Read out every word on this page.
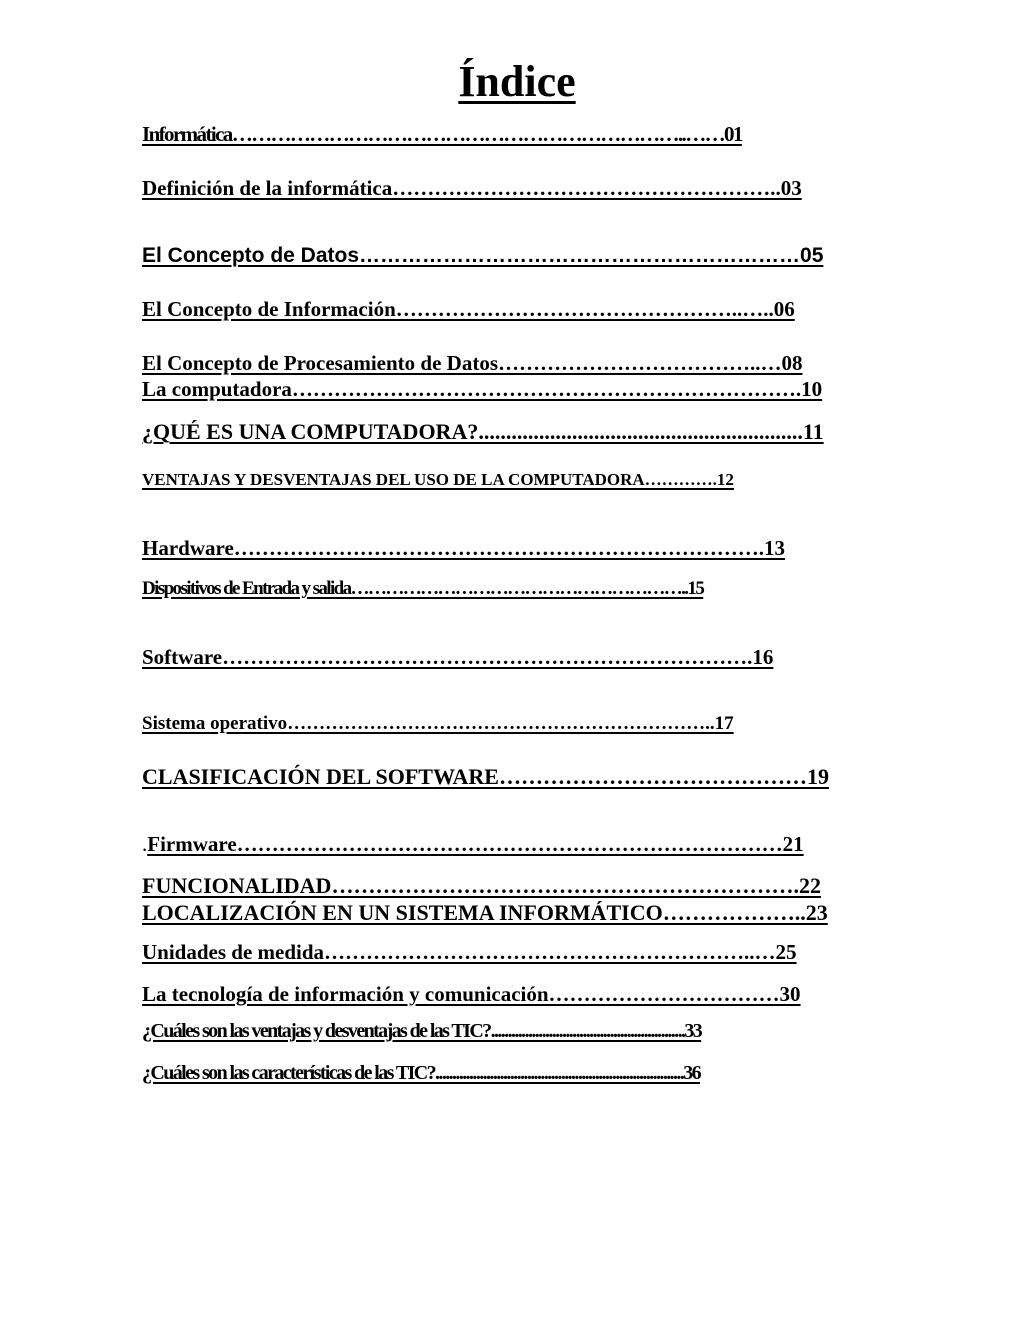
Índice
Informática……………………………………………………………..……01
Definición de la informática………………………………………………..03
El Concepto de Datos………………………………………………………05
El Concepto de Información…………………………………………..…..06
El Concepto de Procesamiento de Datos………………………………..…08
La computadora……………………………………………………………….10
¿QUÉ ES UNA COMPUTADORA?...........................................................11
VENTAJAS Y DESVENTAJAS DEL USO DE LA COMPUTADORA………….12
Hardware………………………………………………………………….13
Dispositivos de Entrada y salida…………………………………………………..15
Software………………………………………………………………….16
Sistema operativo…………………………………………………………..17
CLASIFICACIÓN DEL SOFTWARE……………………………………19
.Firmware……………………………………………………………………21
FUNCIONALIDAD……………………………………………………….22
LOCALIZACIÓN EN UN SISTEMA INFORMÁTICO………………..23
Unidades de medida……………………………………………………..…25
La tecnología de información y comunicación……………………………30
¿Cuáles son las ventajas y desventajas de las TIC?.........................................................33
¿Cuáles son las características de las TIC?.........................................................................36
